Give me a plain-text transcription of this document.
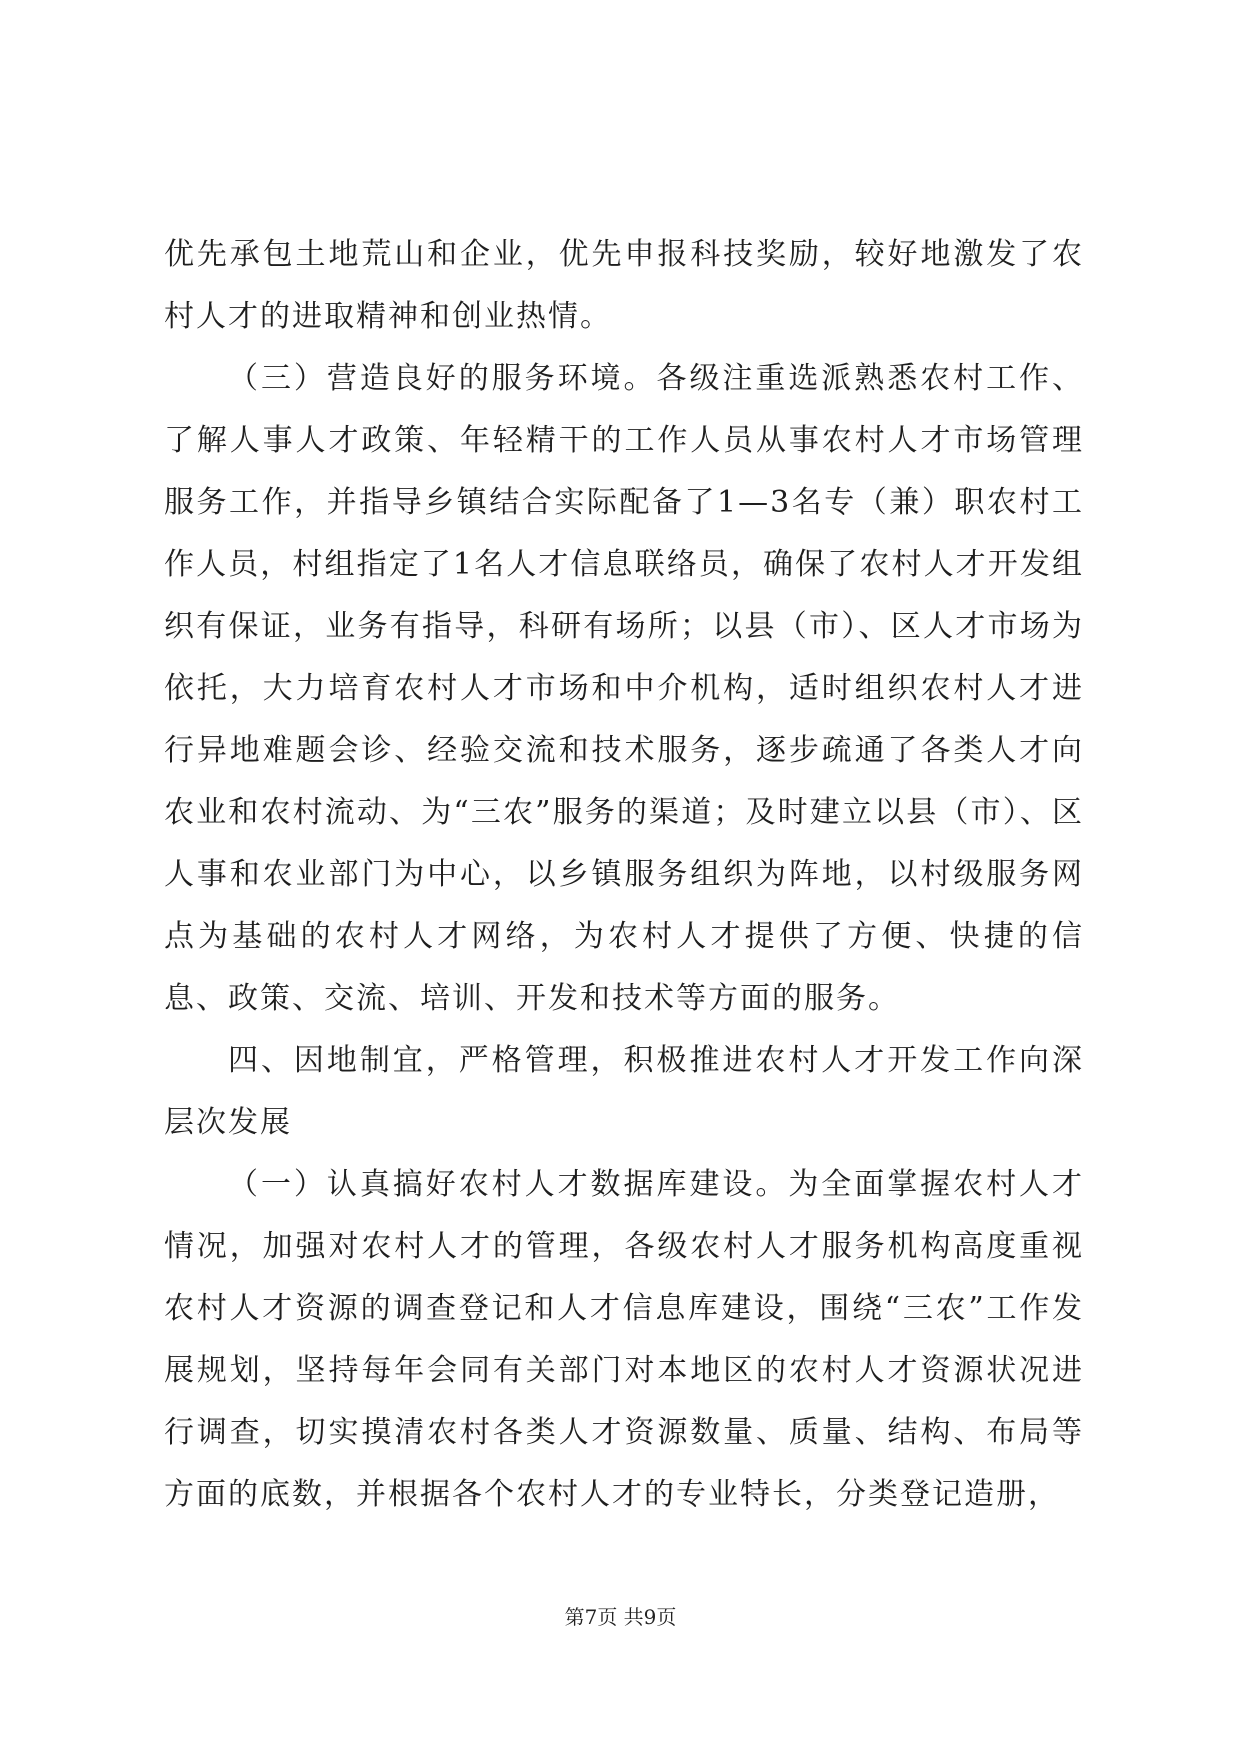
优先承包土地荒山和企业，优先申报科技奖励，较好地激发了农村人才的进取精神和创业热情。

（三）营造良好的服务环境。各级注重选派熟悉农村工作、了解人事人才政策、年轻精干的工作人员从事农村人才市场管理服务工作，并指导乡镇结合实际配备了1—3名专（兼）职农村工作人员，村组指定了1名人才信息联络员，确保了农村人才开发组织有保证，业务有指导，科研有场所；以县（市）、区人才市场为依托，大力培育农村人才市场和中介机构，适时组织农村人才进行异地难题会诊、经验交流和技术服务，逐步疏通了各类人才向农业和农村流动、为“三农”服务的渠道；及时建立以县（市）、区人事和农业部门为中心，以乡镇服务组织为阵地，以村级服务网点为基础的农村人才网络，为农村人才提供了方便、快捷的信息、政策、交流、培训、开发和技术等方面的服务。

四、因地制宜，严格管理，积极推进农村人才开发工作向深层次发展

（一）认真搞好农村人才数据库建设。为全面掌握农村人才情况，加强对农村人才的管理，各级农村人才服务机构高度重视农村人才资源的调查登记和人才信息库建设，围绕“三农”工作发展规划，坚持每年会同有关部门对本地区的农村人才资源状况进行调查，切实摸清农村各类人才资源数量、质量、结构、布局等方面的底数，并根据各个农村人才的专业特长，分类登记造册，

第7页 共9页
